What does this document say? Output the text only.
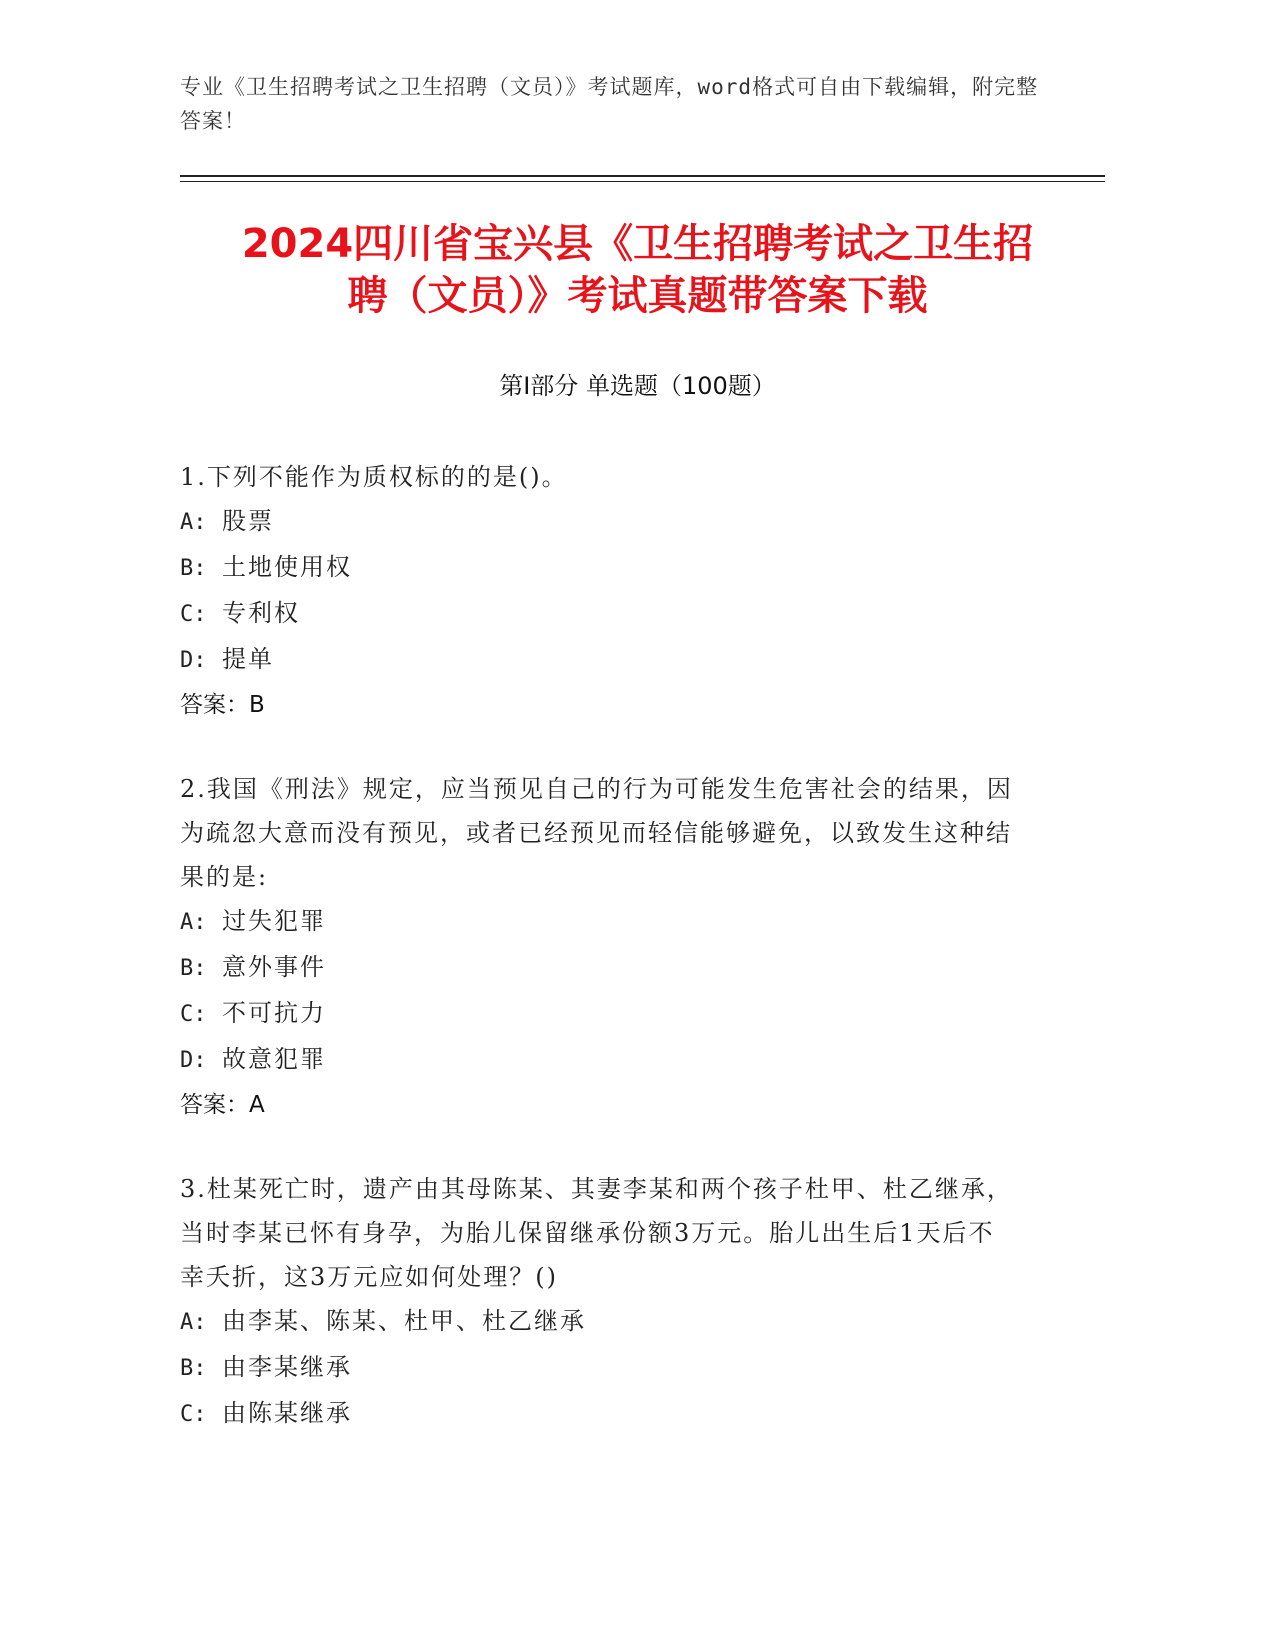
专业《卫生招聘考试之卫生招聘（文员）》考试题库，word格式可自由下载编辑，附完整答案！
2024四川省宝兴县《卫生招聘考试之卫生招
聘（文员）》考试真题带答案下载
第Ⅰ部分 单选题（100题）
1.下列不能作为质权标的的是()。
A: 股票
B: 土地使用权
C: 专利权
D: 提单
答案：B
2.我国《刑法》规定，应当预见自己的行为可能发生危害社会的结果，因为疏忽大意而没有预见，或者已经预见而轻信能够避免，以致发生这种结果的是:
A: 过失犯罪
B: 意外事件
C: 不可抗力
D: 故意犯罪
答案：A
3.杜某死亡时，遗产由其母陈某、其妻李某和两个孩子杜甲、杜乙继承，当时李某已怀有身孕，为胎儿保留继承份额3万元。胎儿出生后1天后不幸夭折，这3万元应如何处理？()
A: 由李某、陈某、杜甲、杜乙继承
B: 由李某继承
C: 由陈某继承
